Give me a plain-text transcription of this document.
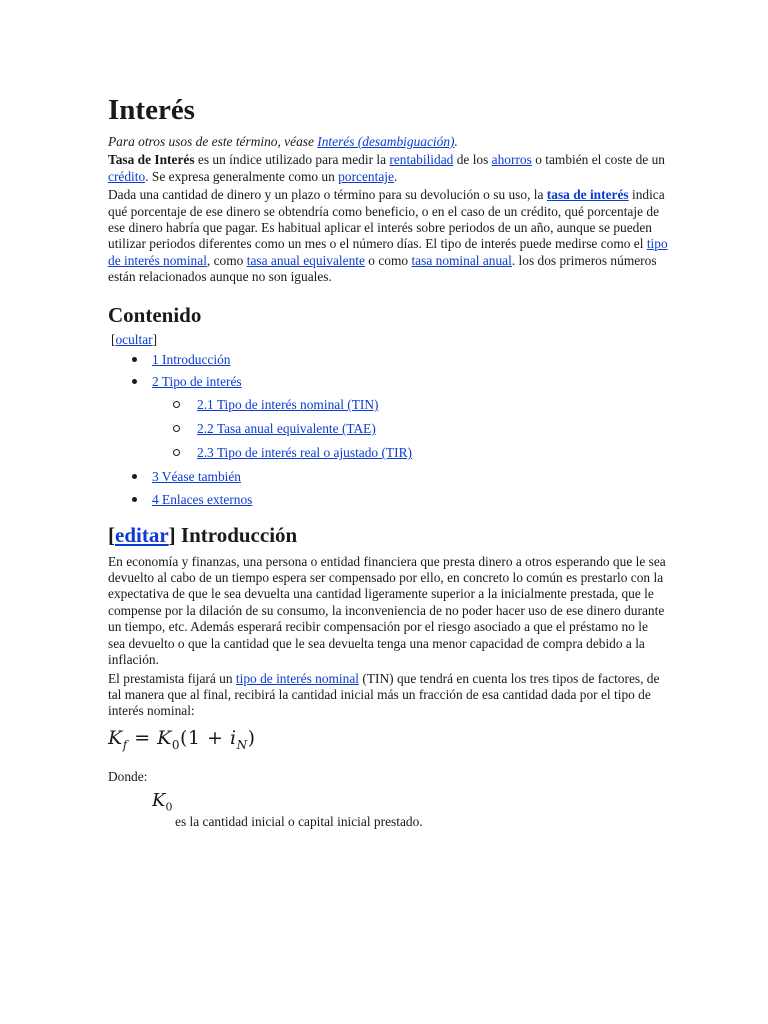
Interés

Para otros usos de este término, véase Interés (desambiguación).

Tasa de Interés es un índice utilizado para medir la rentabilidad de los ahorros o también el coste de un crédito. Se expresa generalmente como un porcentaje.

Dada una cantidad de dinero y un plazo o término para su devolución o su uso, la tasa de interés indica qué porcentaje de ese dinero se obtendría como beneficio, o en el caso de un crédito, qué porcentaje de ese dinero habría que pagar. Es habitual aplicar el interés sobre periodos de un año, aunque se pueden utilizar periodos diferentes como un mes o el número días. El tipo de interés puede medirse como el tipo de interés nominal, como tasa anual equivalente o como tasa nominal anual. los dos primeros números están relacionados aunque no son iguales.

Contenido
[ocultar]
1 Introducción
2 Tipo de interés
2.1 Tipo de interés nominal (TIN)
2.2 Tasa anual equivalente (TAE)
2.3 Tipo de interés real o ajustado (TIR)
3 Véase también
4 Enlaces externos
[editar] Introducción

En economía y finanzas, una persona o entidad financiera que presta dinero a otros esperando que le sea devuelto al cabo de un tiempo espera ser compensado por ello, en concreto lo común es prestarlo con la expectativa de que le sea devuelta una cantidad ligeramente superior a la inicialmente prestada, que le compense por la dilación de su consumo, la inconveniencia de no poder hacer uso de ese dinero durante un tiempo, etc. Además esperará recibir compensación por el riesgo asociado a que el préstamo no le sea devuelto o que la cantidad que le sea devuelta tenga una menor capacidad de compra debido a la inflación.

El prestamista fijará un tipo de interés nominal (TIN) que tendrá en cuenta los tres tipos de factores, de tal manera que al final, recibirá la cantidad inicial más un fracción de esa cantidad dada por el tipo de interés nominal:

$K_f = K_0(1 + i_N)$

Donde:

$K_0$

es la cantidad inicial o capital inicial prestado.
